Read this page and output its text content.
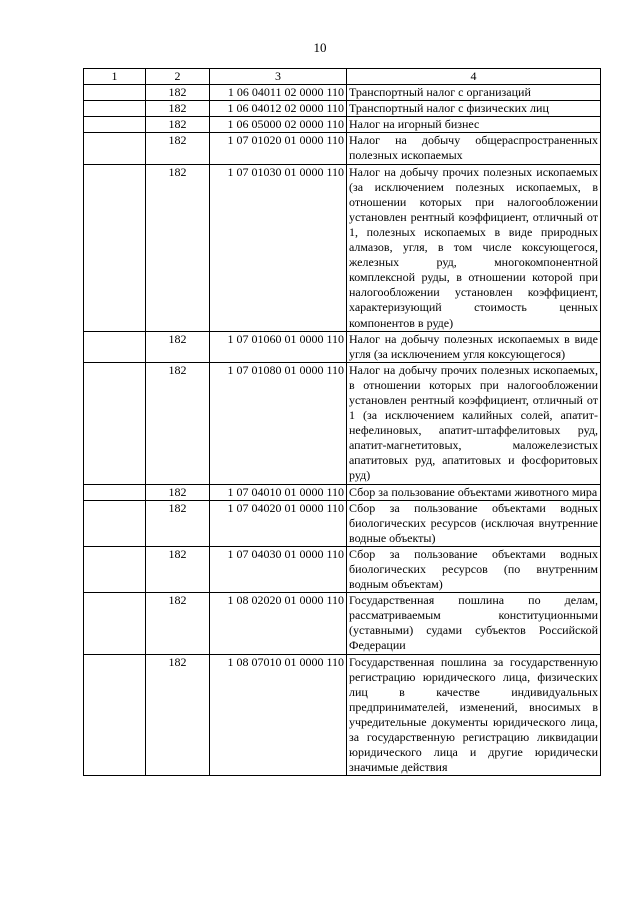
10
1	2	3	4
	182	1 06 04011 02 0000 110	Транспортный налог с организаций
	182	1 06 04012 02 0000 110	Транспортный налог с физических лиц
	182	1 06 05000 02 0000 110	Налог на игорный бизнес
	182	1 07 01020 01 0000 110	Налог на добычу общераспространенных полезных ископаемых
	182	1 07 01030 01 0000 110	Налог на добычу прочих полезных ископаемых (за исключением полезных ископаемых, в отношении которых при налогообложении установлен рентный коэффициент, отличный от 1, полезных ископаемых в виде природных алмазов, угля, в том числе коксующегося, железных руд, многокомпонентной комплексной руды, в отношении которой при налогообложении установлен коэффициент, характеризующий стоимость ценных компонентов в руде)
	182	1 07 01060 01 0000 110	Налог на добычу полезных ископаемых в виде угля (за исключением угля коксующегося)
	182	1 07 01080 01 0000 110	Налог на добычу прочих полезных ископаемых, в отношении которых при налогообложении установлен рентный коэффициент, отличный от 1 (за исключением калийных солей, апатит-нефелиновых, апатит-штаффелитовых руд, апатит-магнетитовых, маложелезистых апатитовых руд, апатитовых и фосфоритовых руд)
	182	1 07 04010 01 0000 110	Сбор за пользование объектами животного мира
	182	1 07 04020 01 0000 110	Сбор за пользование объектами водных биологических ресурсов (исключая внутренние водные объекты)
	182	1 07 04030 01 0000 110	Сбор за пользование объектами водных биологических ресурсов (по внутренним водным объектам)
	182	1 08 02020 01 0000 110	Государственная пошлина по делам, рассматриваемым конституционными (уставными) судами субъектов Российской Федерации
	182	1 08 07010 01 0000 110	Государственная пошлина за государственную регистрацию юридического лица, физических лиц в качестве индивидуальных предпринимателей, изменений, вносимых в учредительные документы юридического лица, за государственную регистрацию ликвидации юридического лица и другие юридически значимые действия
